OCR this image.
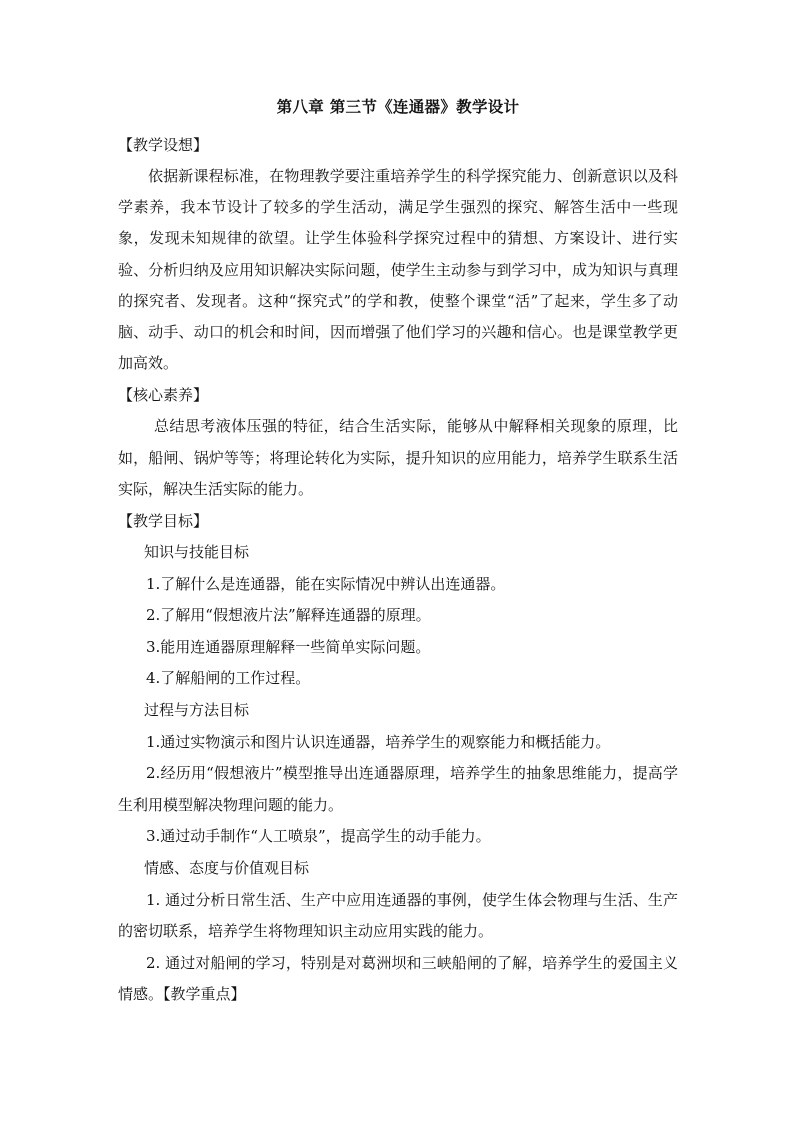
第八章 第三节《连通器》教学设计
【教学设想】

依据新课程标准，在物理教学要注重培养学生的科学探究能力、创新意识以及科学素养，我本节设计了较多的学生活动，满足学生强烈的探究、解答生活中一些现象，发现未知规律的欲望。让学生体验科学探究过程中的猜想、方案设计、进行实验、分析归纳及应用知识解决实际问题，使学生主动参与到学习中，成为知识与真理的探究者、发现者。这种“探究式”的学和教，使整个课堂“活”了起来，学生多了动脑、动手、动口的机会和时间，因而增强了他们学习的兴趣和信心。也是课堂教学更加高效。

【核心素养】

总结思考液体压强的特征，结合生活实际，能够从中解释相关现象的原理，比如，船闸、锅炉等等；将理论转化为实际，提升知识的应用能力，培养学生联系生活实际，解决生活实际的能力。

【教学目标】
知识与技能目标
1.了解什么是连通器，能在实际情况中辨认出连通器。
2.了解用“假想液片法”解释连通器的原理。
3.能用连通器原理解释一些简单实际问题。
4.了解船闸的工作过程。
过程与方法目标
1.通过实物演示和图片认识连通器，培养学生的观察能力和概括能力。

2.经历用“假想液片”模型推导出连通器原理，培养学生的抽象思维能力，提高学生利用模型解决物理问题的能力。

3.通过动手制作“人工喷泉”，提高学生的动手能力。
情感、态度与价值观目标

1. 通过分析日常生活、生产中应用连通器的事例，使学生体会物理与生活、生产的密切联系，培养学生将物理知识主动应用实践的能力。

2. 通过对船闸的学习，特别是对葛洲坝和三峡船闸的了解，培养学生的爱国主义情感。【教学重点】
